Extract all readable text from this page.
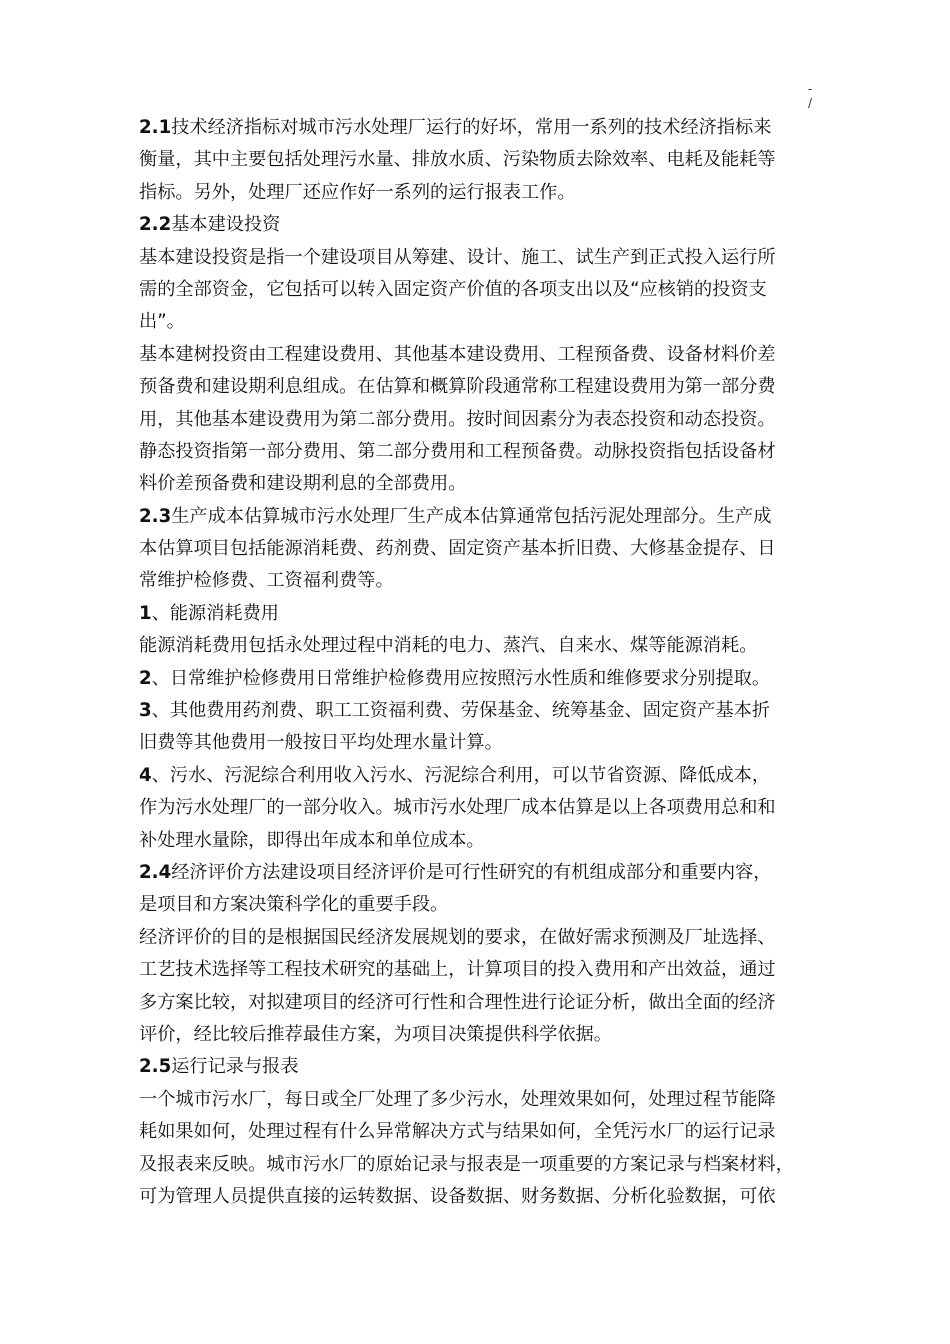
-
/
2.1技术经济指标对城市污水处理厂运行的好坏，常用一系列的技术经济指标来
衡量，其中主要包括处理污水量、排放水质、污染物质去除效率、电耗及能耗等
指标。另外，处理厂还应作好一系列的运行报表工作。
2.2基本建设投资
基本建设投资是指一个建设项目从筹建、设计、施工、试生产到正式投入运行所
需的全部资金，它包括可以转入固定资产价值的各项支出以及“应核销的投资支
出”。
基本建树投资由工程建设费用、其他基本建设费用、工程预备费、设备材料价差
预备费和建设期利息组成。在估算和概算阶段通常称工程建设费用为第一部分费
用，其他基本建设费用为第二部分费用。按时间因素分为表态投资和动态投资。
静态投资指第一部分费用、第二部分费用和工程预备费。动脉投资指包括设备材
料价差预备费和建设期利息的全部费用。
2.3生产成本估算城市污水处理厂生产成本估算通常包括污泥处理部分。生产成
本估算项目包括能源消耗费、药剂费、固定资产基本折旧费、大修基金提存、日
常维护检修费、工资福利费等。
1、能源消耗费用
能源消耗费用包括永处理过程中消耗的电力、蒸汽、自来水、煤等能源消耗。
2、日常维护检修费用日常维护检修费用应按照污水性质和维修要求分别提取。
3、其他费用药剂费、职工工资福利费、劳保基金、统筹基金、固定资产基本折
旧费等其他费用一般按日平均处理水量计算。
4、污水、污泥综合利用收入污水、污泥综合利用，可以节省资源、降低成本，
作为污水处理厂的一部分收入。城市污水处理厂成本估算是以上各项费用总和和
补处理水量除，即得出年成本和单位成本。
2.4经济评价方法建设项目经济评价是可行性研究的有机组成部分和重要内容，
是项目和方案决策科学化的重要手段。
经济评价的目的是根据国民经济发展规划的要求，在做好需求预测及厂址选择、
工艺技术选择等工程技术研究的基础上，计算项目的投入费用和产出效益，通过
多方案比较，对拟建项目的经济可行性和合理性进行论证分析，做出全面的经济
评价，经比较后推荐最佳方案，为项目决策提供科学依据。
2.5运行记录与报表
一个城市污水厂，每日或全厂处理了多少污水，处理效果如何，处理过程节能降
耗如果如何，处理过程有什么异常解决方式与结果如何，全凭污水厂的运行记录
及报表来反映。城市污水厂的原始记录与报表是一项重要的方案记录与档案材料，
可为管理人员提供直接的运转数据、设备数据、财务数据、分析化验数据，可依
